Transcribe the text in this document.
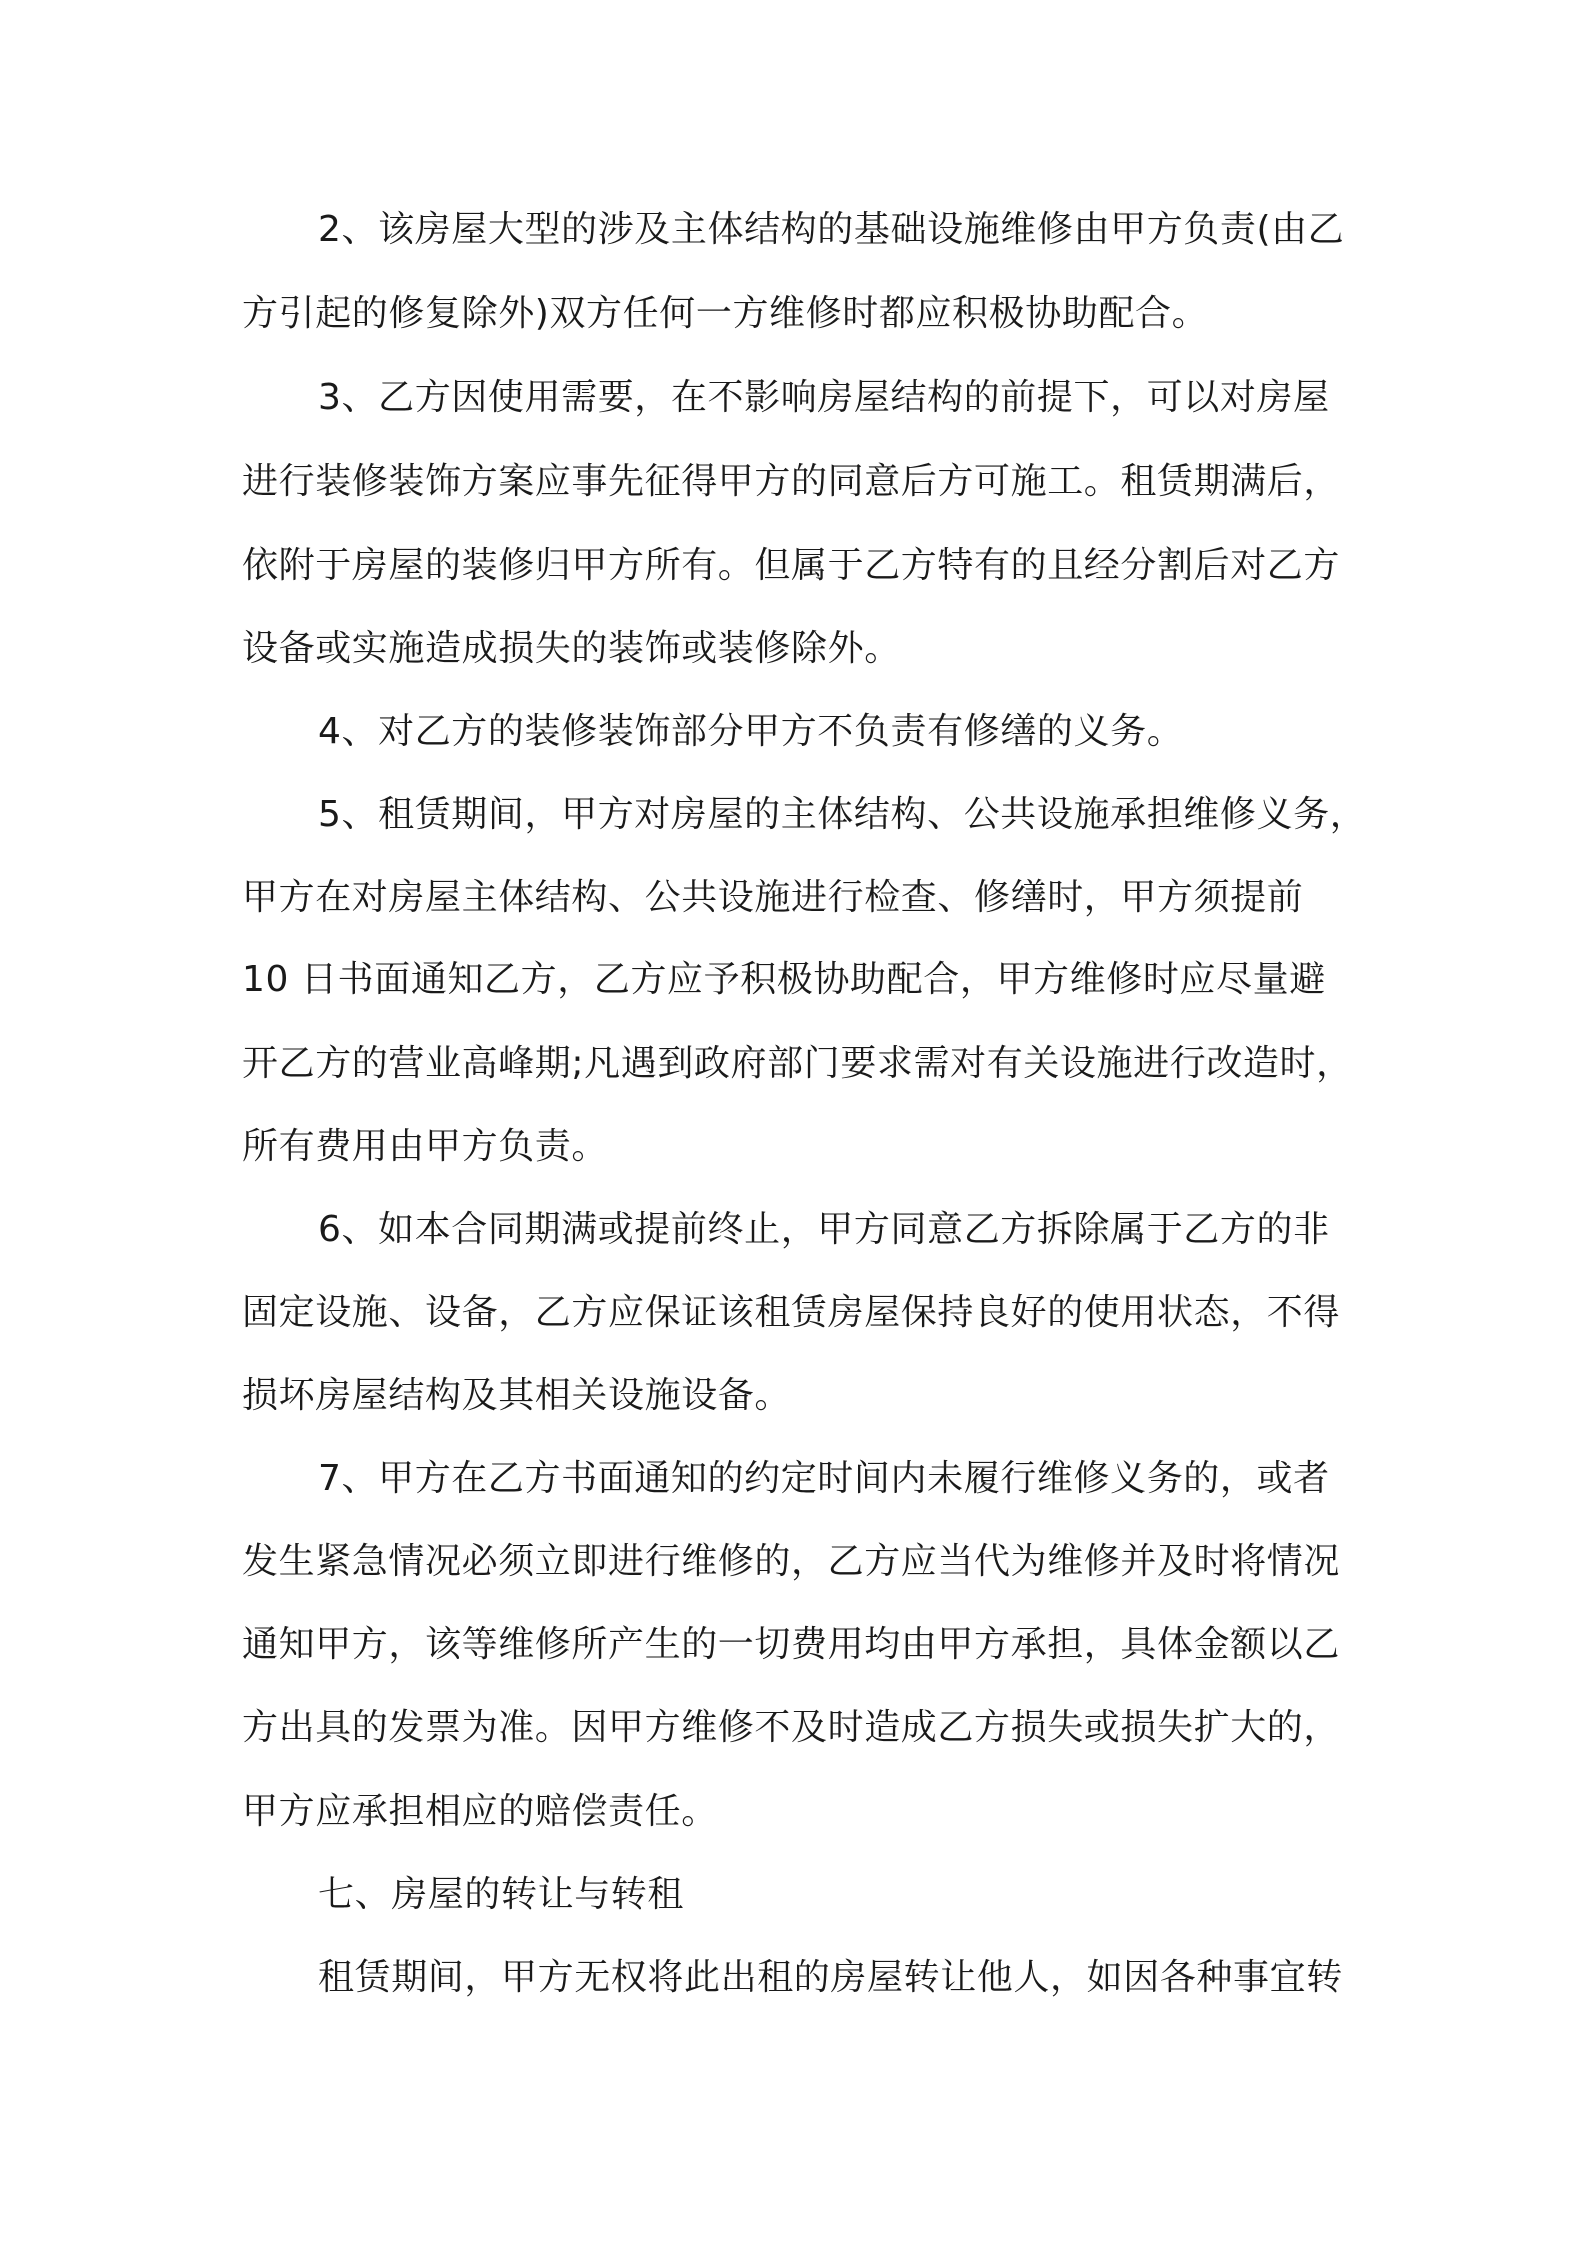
2、该房屋大型的涉及主体结构的基础设施维修由甲方负责(由乙
方引起的修复除外)双方任何一方维修时都应积极协助配合。
3、乙方因使用需要，在不影响房屋结构的前提下，可以对房屋
进行装修装饰方案应事先征得甲方的同意后方可施工。租赁期满后，
依附于房屋的装修归甲方所有。但属于乙方特有的且经分割后对乙方
设备或实施造成损失的装饰或装修除外。
4、对乙方的装修装饰部分甲方不负责有修缮的义务。
5、租赁期间，甲方对房屋的主体结构、公共设施承担维修义务，
甲方在对房屋主体结构、公共设施进行检查、修缮时，甲方须提前
10 日书面通知乙方，乙方应予积极协助配合，甲方维修时应尽量避
开乙方的营业高峰期;凡遇到政府部门要求需对有关设施进行改造时，
所有费用由甲方负责。
6、如本合同期满或提前终止，甲方同意乙方拆除属于乙方的非
固定设施、设备，乙方应保证该租赁房屋保持良好的使用状态，不得
损坏房屋结构及其相关设施设备。
7、甲方在乙方书面通知的约定时间内未履行维修义务的，或者
发生紧急情况必须立即进行维修的，乙方应当代为维修并及时将情况
通知甲方，该等维修所产生的一切费用均由甲方承担，具体金额以乙
方出具的发票为准。因甲方维修不及时造成乙方损失或损失扩大的，
甲方应承担相应的赔偿责任。
七、房屋的转让与转租
租赁期间，甲方无权将此出租的房屋转让他人，如因各种事宜转
